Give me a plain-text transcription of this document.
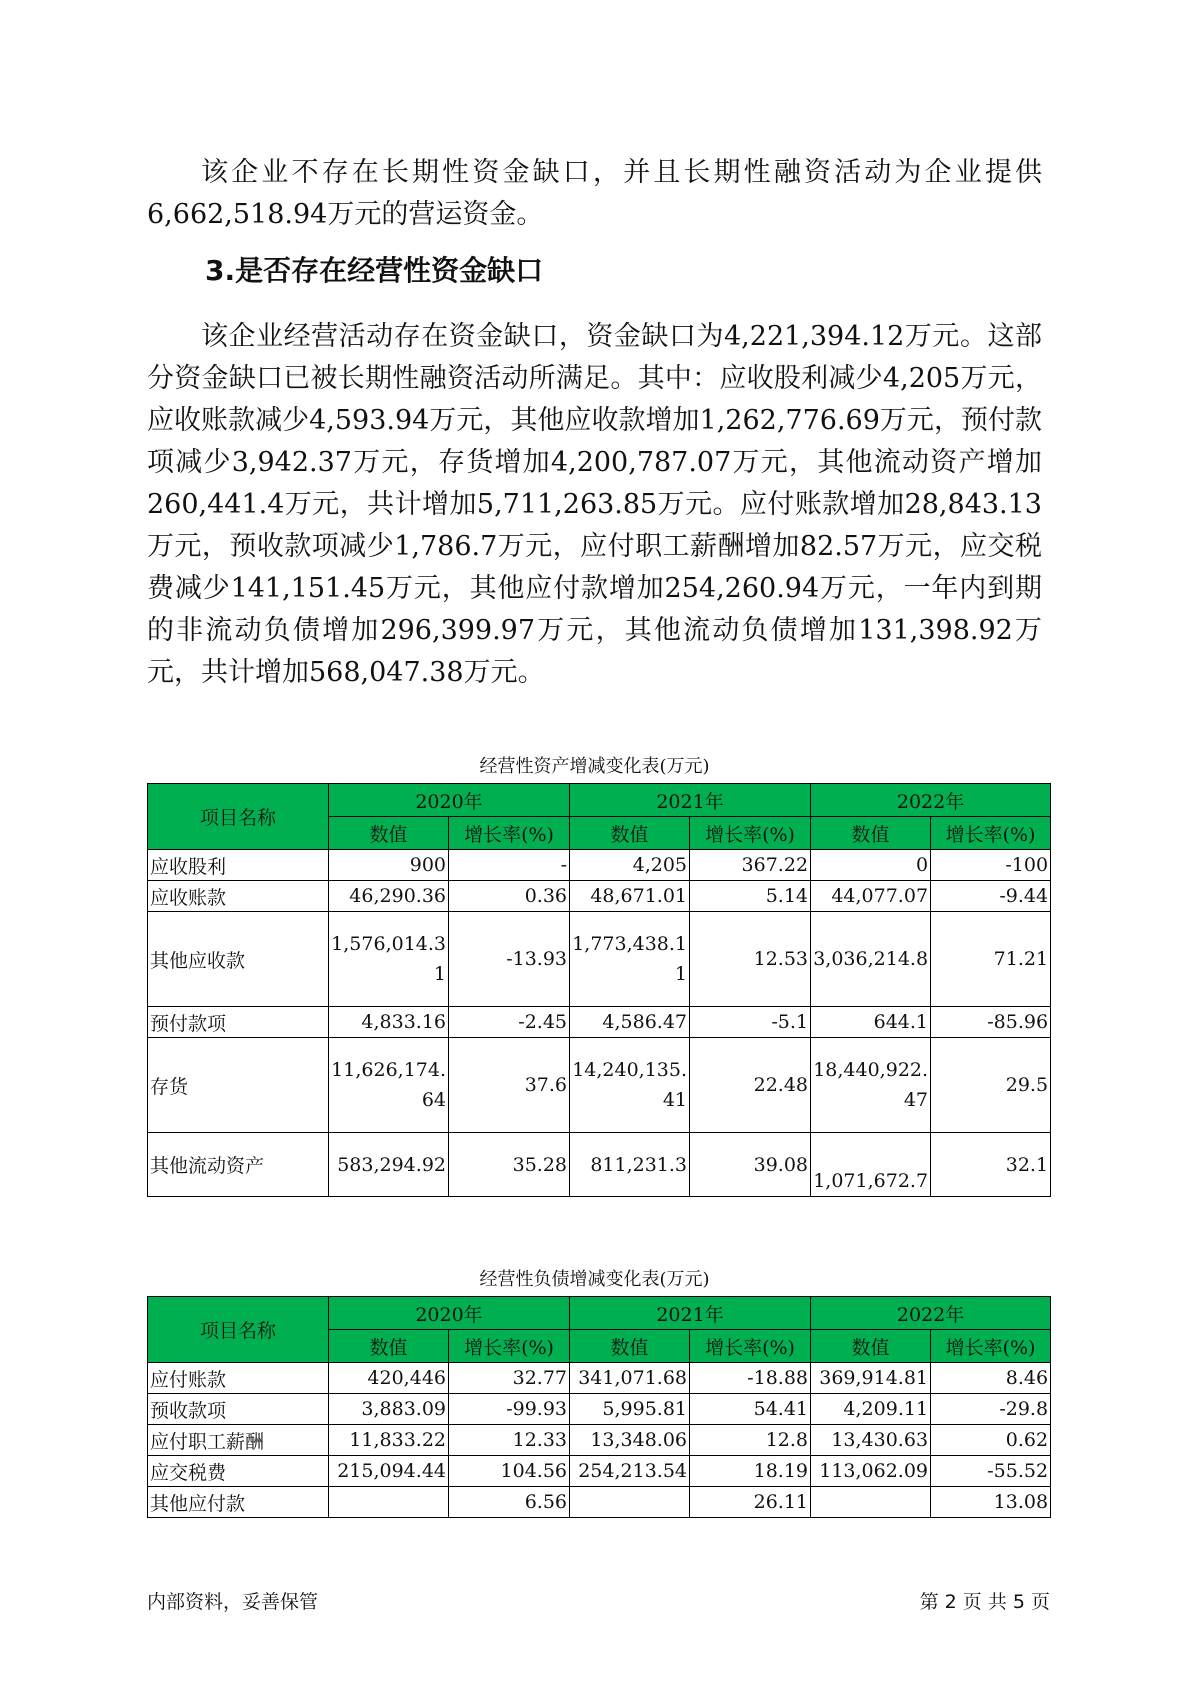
该企业不存在长期性资金缺口，并且长期性融资活动为企业提供6,662,518.94万元的营运资金。

3.是否存在经营性资金缺口

该企业经营活动存在资金缺口，资金缺口为4,221,394.12万元。这部分资金缺口已被长期性融资活动所满足。其中：应收股利减少4,205万元，应收账款减少4,593.94万元，其他应收款增加1,262,776.69万元，预付款项减少3,942.37万元，存货增加4,200,787.07万元，其他流动资产增加260,441.4万元，共计增加5,711,263.85万元。应付账款增加28,843.13万元，预收款项减少1,786.7万元，应付职工薪酬增加82.57万元，应交税费减少141,151.45万元，其他应付款增加254,260.94万元，一年内到期的非流动负债增加296,399.97万元，其他流动负债增加131,398.92万元，共计增加568,047.38万元。

经营性资产增减变化表(万元)

项目名称	2020年		2021年		2022年	
	数值	增长率(%)	数值	增长率(%)	数值	增长率(%)
应收股利	900	-	4,205	367.22	0	-100
应收账款	46,290.36	0.36	48,671.01	5.14	44,077.07	-9.44
其他应收款	1,576,014.31	-13.93	1,773,438.11	12.53	3,036,214.8	71.21
预付款项	4,833.16	-2.45	4,586.47	-5.1	644.1	-85.96
存货	11,626,174.64	37.6	14,240,135.41	22.48	18,440,922.47	29.5
其他流动资产	583,294.92	35.28	811,231.3	39.08	1,071,672.7	32.1

经营性负债增减变化表(万元)

项目名称	2020年		2021年		2022年	
	数值	增长率(%)	数值	增长率(%)	数值	增长率(%)
应付账款	420,446	32.77	341,071.68	-18.88	369,914.81	8.46
预收款项	3,883.09	-99.93	5,995.81	54.41	4,209.11	-29.8
应付职工薪酬	11,833.22	12.33	13,348.06	12.8	13,430.63	0.62
应交税费	215,094.44	104.56	254,213.54	18.19	113,062.09	-55.52
其他应付款		6.56		26.11		13.08

内部资料，妥善保管	第 2 页 共 5 页
